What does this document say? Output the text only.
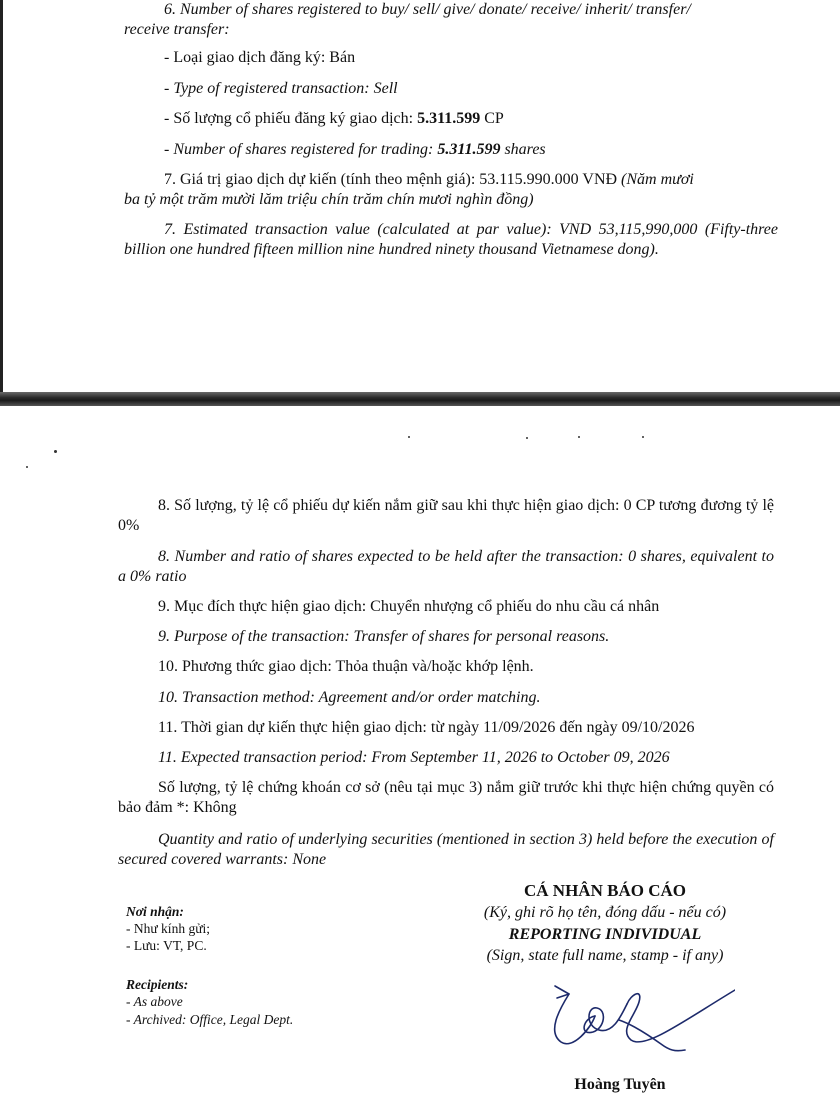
6. Number of shares registered to buy/ sell/ give/ donate/ receive/ inherit/ transfer/

receive transfer:

- Loại giao dịch đăng ký: Bán

- Type of registered transaction: Sell

- Số lượng cổ phiếu đăng ký giao dịch: 5.311.599 CP

- Number of shares registered for trading: 5.311.599 shares

7. Giá trị giao dịch dự kiến (tính theo mệnh giá): 53.115.990.000 VNĐ (Năm mươi

ba tỷ một trăm mười lăm triệu chín trăm chín mươi nghìn đồng)

7. Estimated transaction value (calculated at par value): VND 53,115,990,000 (Fifty-three billion one hundred fifteen million nine hundred ninety thousand Vietnamese dong).

8. Số lượng, tỷ lệ cổ phiếu dự kiến nắm giữ sau khi thực hiện giao dịch: 0 CP tương đương tỷ lệ 0%

8. Number and ratio of shares expected to be held after the transaction: 0 shares, equivalent to a 0% ratio

9. Mục đích thực hiện giao dịch: Chuyển nhượng cổ phiếu do nhu cầu cá nhân

9. Purpose of the transaction: Transfer of shares for personal reasons.

10. Phương thức giao dịch: Thỏa thuận và/hoặc khớp lệnh.

10. Transaction method: Agreement and/or order matching.

11. Thời gian dự kiến thực hiện giao dịch: từ ngày 11/09/2026 đến ngày 09/10/2026

11. Expected transaction period: From September 11, 2026 to October 09, 2026

Số lượng, tỷ lệ chứng khoán cơ sở (nêu tại mục 3) nắm giữ trước khi thực hiện chứng quyền có bảo đảm *: Không

Quantity and ratio of underlying securities (mentioned in section 3) held before the execution of secured covered warrants: None

Nơi nhận:

- Như kính gửi;

- Lưu: VT, PC.

Recipients:

- As above

- Archived: Office, Legal Dept.

CÁ NHÂN BÁO CÁO

(Ký, ghi rõ họ tên, đóng dấu - nếu có)

REPORTING INDIVIDUAL

(Sign, state full name, stamp - if any)

Hoàng Tuyên
